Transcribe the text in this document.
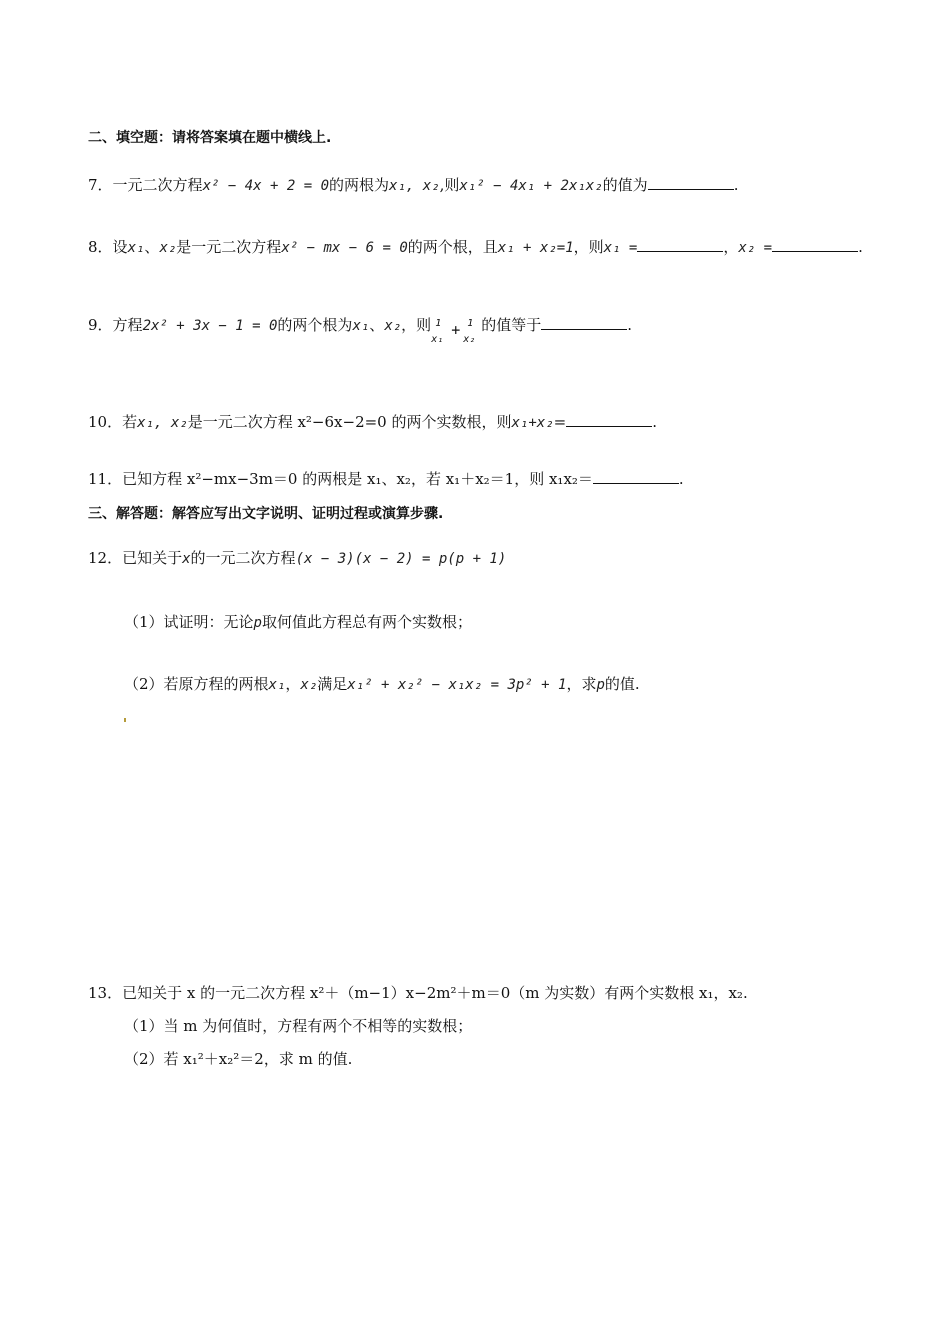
二、填空题：请将答案填在题中横线上.
7．一元二次方程x² − 4x + 2 = 0的两根为x₁, x₂,则x₁² − 4x₁ + 2x₁x₂的值为	.
8．设x₁、x₂是一元二次方程x² − mx − 6 = 0的两个根，且x₁ + x₂=1，则x₁ =	，x₂ =	.
9．方程2x² + 3x − 1 = 0的两个根为x₁、x₂，则 1
x₁
+ 1
x₂
的值等于	.
10．若x₁, x₂是一元二次方程 x²−6x−2=0 的两个实数根，则x₁+x₂=	.
11．已知方程 x²−mx−3m＝0 的两根是 x₁、x₂，若 x₁＋x₂＝1，则 x₁x₂＝	.
三、解答题：解答应写出文字说明、证明过程或演算步骤.
12．已知关于x的一元二次方程(x − 3)(x − 2) = p(p + 1)
（1）试证明：无论p取何值此方程总有两个实数根；
（2）若原方程的两根x₁，x₂满足x₁² + x₂² − x₁x₂ = 3p² + 1，求p的值.
13．已知关于 x 的一元二次方程 x²＋（m−1）x−2m²＋m＝0（m 为实数）有两个实数根 x₁，x₂.
（1）当 m 为何值时，方程有两个不相等的实数根；
（2）若 x₁²＋x₂²＝2，求 m 的值.
